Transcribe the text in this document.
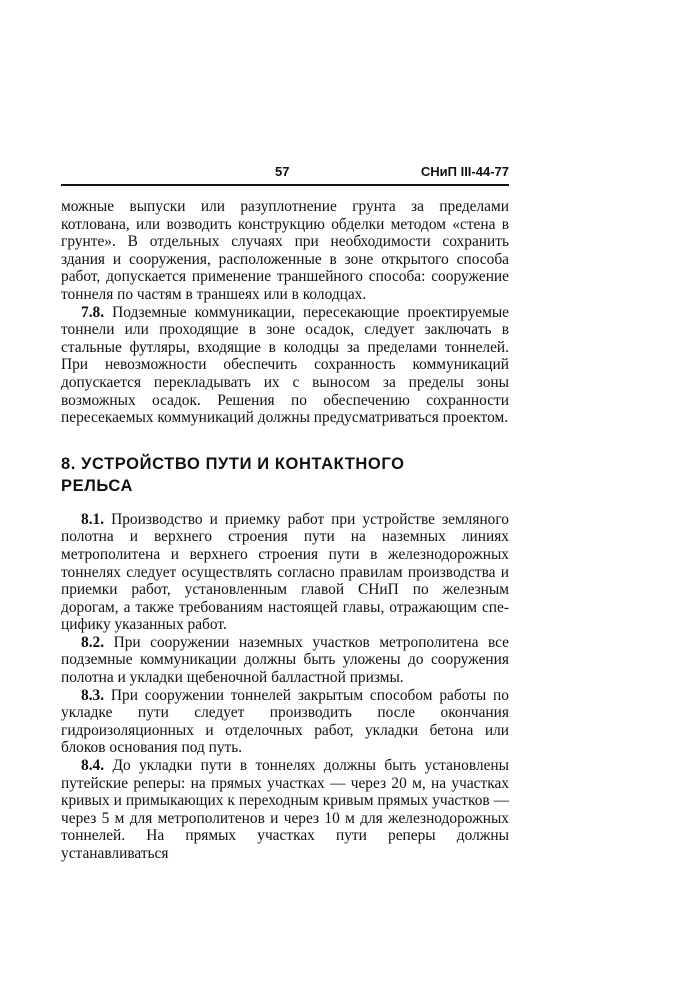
57	СНиП III-44-77

можные выпуски или разуплотнение грунта за пределами котлована, или возводить конструкцию обделки методом «стена в грунте». В отдельных случаях при необходимости сохранить здания и сооружения, расположенные в зоне открытого способа работ, допускается применение траншейного способа: сооружение тоннеля по частям в траншеях или в колодцах.

7.8. Подземные коммуникации, пересекающие проектируемые тоннели или проходящие в зоне осадок, следует заключать в стальные футляры, входящие в колодцы за пределами тоннелей. При невозможности обеспечить сохранность коммуникаций допускается перекладывать их с выносом за пределы зоны возможных осадок. Решения по обеспечению сохранности пересекаемых коммуникаций должны предусматриваться проектом.

8. УСТРОЙСТВО ПУТИ И КОНТАКТНОГО РЕЛЬСА

8.1. Производство и приемку работ при устройстве земляного полотна и верхнего строения пути на наземных линиях метрополитена и верхнего строения пути в железнодорожных тоннелях следует осуществлять согласно правилам производства и приемки работ, установленным главой СНиП по железным дорогам, а также требованиям настоящей главы, отражающим специфику указанных работ.

8.2. При сооружении наземных участков метрополитена все подземные коммуникации должны быть уложены до сооружения полотна и укладки щебеночной балластной призмы.

8.3. При сооружении тоннелей закрытым способом работы по укладке пути следует производить после окончания гидроизоляционных и отделочных работ, укладки бетона или блоков основания под путь.

8.4. До укладки пути в тоннелях должны быть установлены путейские реперы: на прямых участках — через 20 м, на участках кривых и примыкающих к переходным кривым прямых участков — через 5 м для метрополитенов и через 10 м для железнодорожных тоннелей. На прямых участках пути реперы должны устанавливаться
